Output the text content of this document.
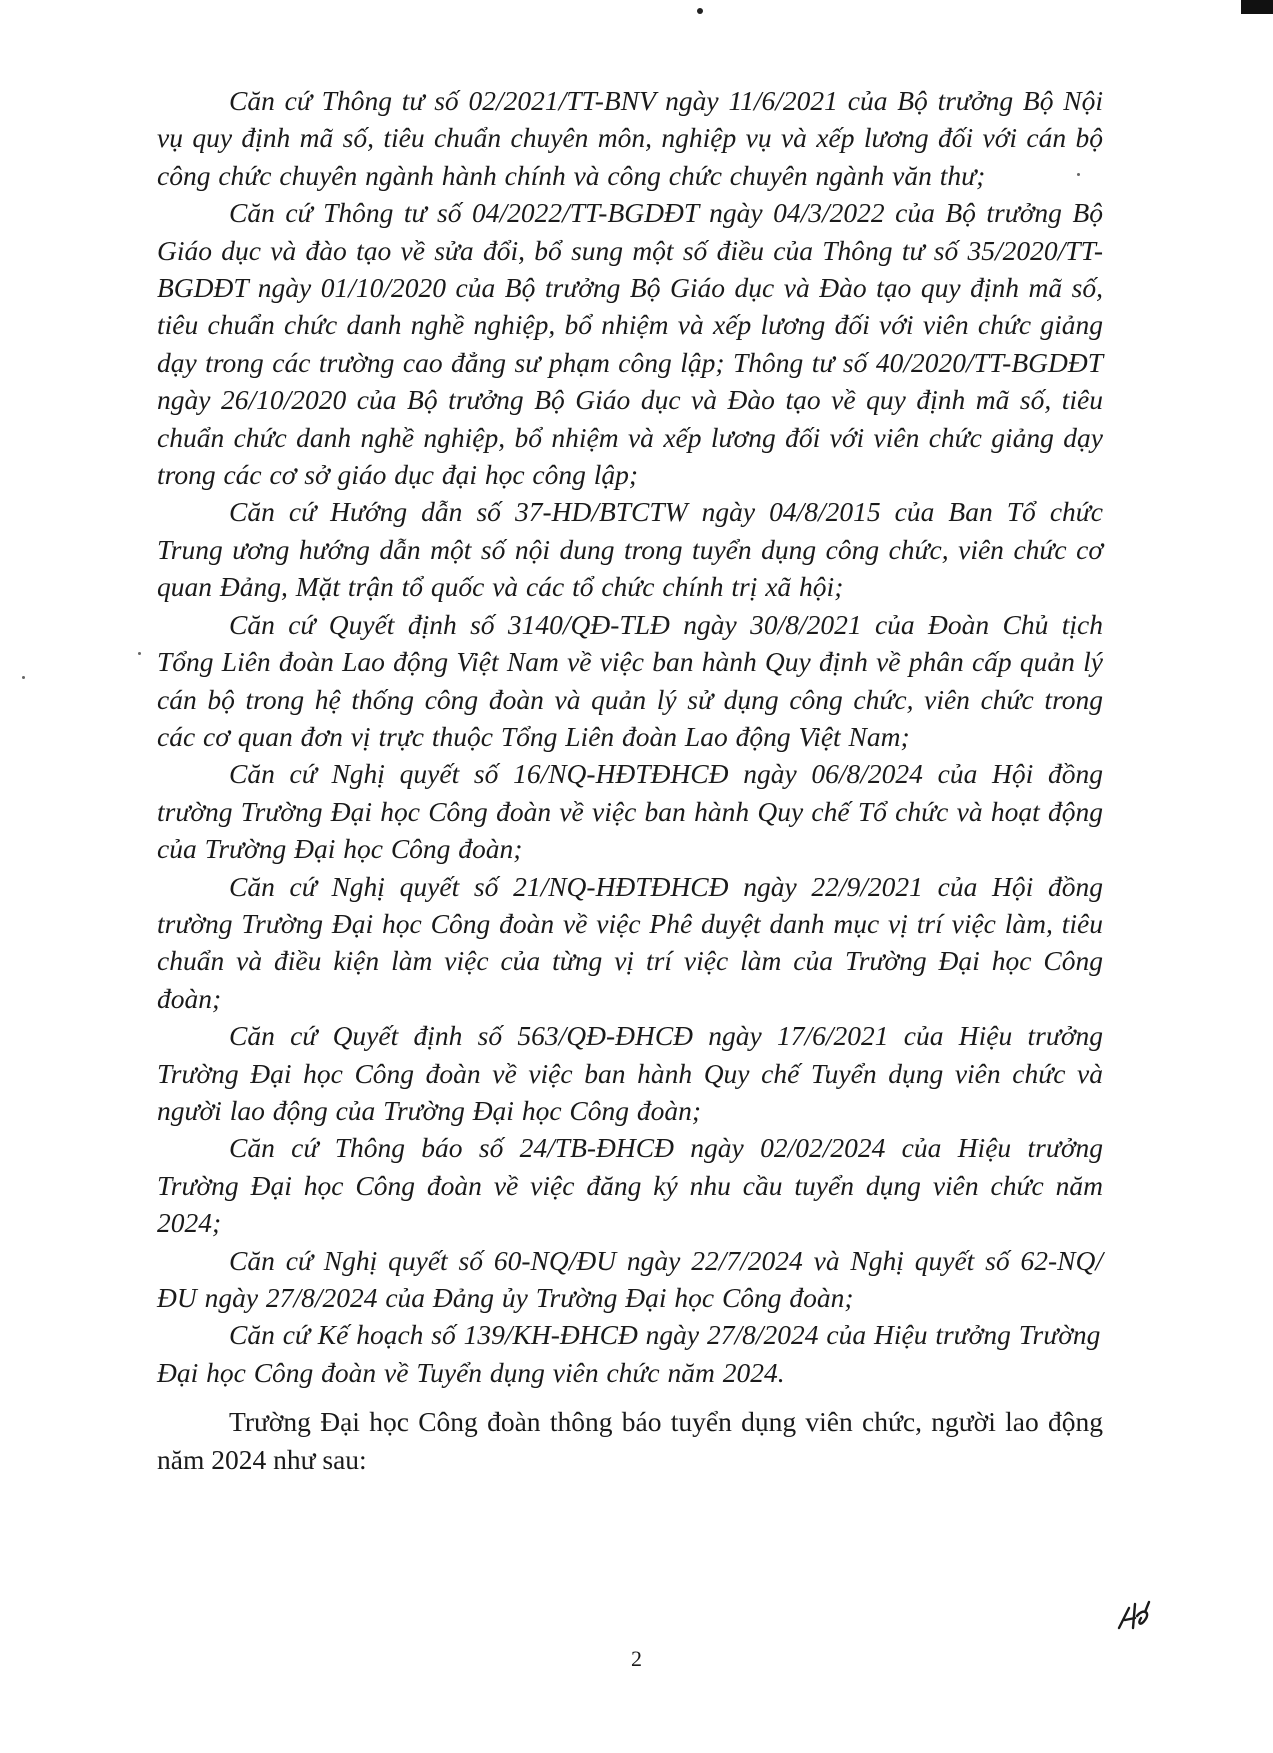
Căn cứ Thông tư số 02/2021/TT-BNV ngày 11/6/2021 của Bộ trưởng Bộ Nội vụ quy định mã số, tiêu chuẩn chuyên môn, nghiệp vụ và xếp lương đối với cán bộ công chức chuyên ngành hành chính và công chức chuyên ngành văn thư;

Căn cứ Thông tư số 04/2022/TT-BGDĐT ngày 04/3/2022 của Bộ trưởng Bộ Giáo dục và đào tạo về sửa đổi, bổ sung một số điều của Thông tư số 35/2020/TT-BGDĐT ngày 01/10/2020 của Bộ trưởng Bộ Giáo dục và Đào tạo quy định mã số, tiêu chuẩn chức danh nghề nghiệp, bổ nhiệm và xếp lương đối với viên chức giảng dạy trong các trường cao đẳng sư phạm công lập; Thông tư số 40/2020/TT-BGDĐT ngày 26/10/2020 của Bộ trưởng Bộ Giáo dục và Đào tạo về quy định mã số, tiêu chuẩn chức danh nghề nghiệp, bổ nhiệm và xếp lương đối với viên chức giảng dạy trong các cơ sở giáo dục đại học công lập;

Căn cứ Hướng dẫn số 37-HD/BTCTW ngày 04/8/2015 của Ban Tổ chức Trung ương hướng dẫn một số nội dung trong tuyển dụng công chức, viên chức cơ quan Đảng, Mặt trận tổ quốc và các tổ chức chính trị xã hội;

Căn cứ Quyết định số 3140/QĐ-TLĐ ngày 30/8/2021 của Đoàn Chủ tịch Tổng Liên đoàn Lao động Việt Nam về việc ban hành Quy định về phân cấp quản lý cán bộ trong hệ thống công đoàn và quản lý sử dụng công chức, viên chức trong các cơ quan đơn vị trực thuộc Tổng Liên đoàn Lao động Việt Nam;

Căn cứ Nghị quyết số 16/NQ-HĐTĐHCĐ ngày 06/8/2024 của Hội đồng trường Trường Đại học Công đoàn về việc ban hành Quy chế Tổ chức và hoạt động của Trường Đại học Công đoàn;

Căn cứ Nghị quyết số 21/NQ-HĐTĐHCĐ ngày 22/9/2021 của Hội đồng trường Trường Đại học Công đoàn về việc Phê duyệt danh mục vị trí việc làm, tiêu chuẩn và điều kiện làm việc của từng vị trí việc làm của Trường Đại học Công đoàn;

Căn cứ Quyết định số 563/QĐ-ĐHCĐ ngày 17/6/2021 của Hiệu trưởng Trường Đại học Công đoàn về việc ban hành Quy chế Tuyển dụng viên chức và người lao động của Trường Đại học Công đoàn;

Căn cứ Thông báo số 24/TB-ĐHCĐ ngày 02/02/2024 của Hiệu trưởng Trường Đại học Công đoàn về việc đăng ký nhu cầu tuyển dụng viên chức năm 2024;

Căn cứ Nghị quyết số 60-NQ/ĐU ngày 22/7/2024 và Nghị quyết số 62-NQ/ĐU ngày 27/8/2024 của Đảng ủy Trường Đại học Công đoàn;

Căn cứ Kế hoạch số 139/KH-ĐHCĐ ngày 27/8/2024 của Hiệu trưởng Trường Đại học Công đoàn về Tuyển dụng viên chức năm 2024.

Trường Đại học Công đoàn thông báo tuyển dụng viên chức, người lao động năm 2024 như sau:

2
